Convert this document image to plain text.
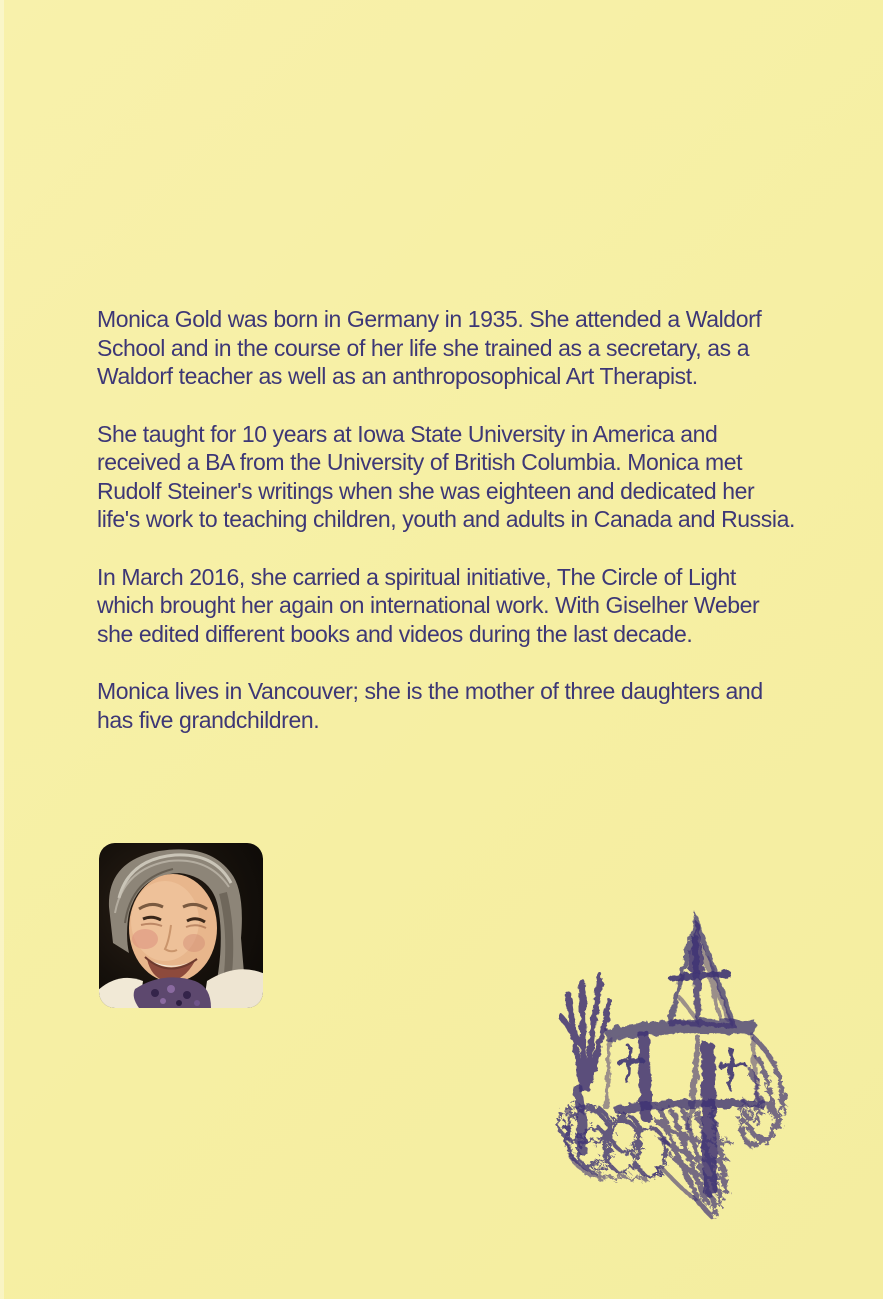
Monica Gold was born in Germany in 1935. She attended a Waldorf School and in the course of her life she trained as a secretary, as a Waldorf teacher as well as an anthroposophical Art Therapist.

She taught for 10 years at Iowa State University in America and received a BA from the University of British Columbia. Monica met Rudolf Steiner's writings when she was eighteen and dedicated her life's work to teaching children, youth and adults in Canada and Russia.

In March 2016, she carried a spiritual initiative, The Circle of Light which brought her again on international work. With Giselher Weber she edited different books and videos during the last decade.

Monica lives in Vancouver; she is the mother of three daughters and has five grandchildren.
